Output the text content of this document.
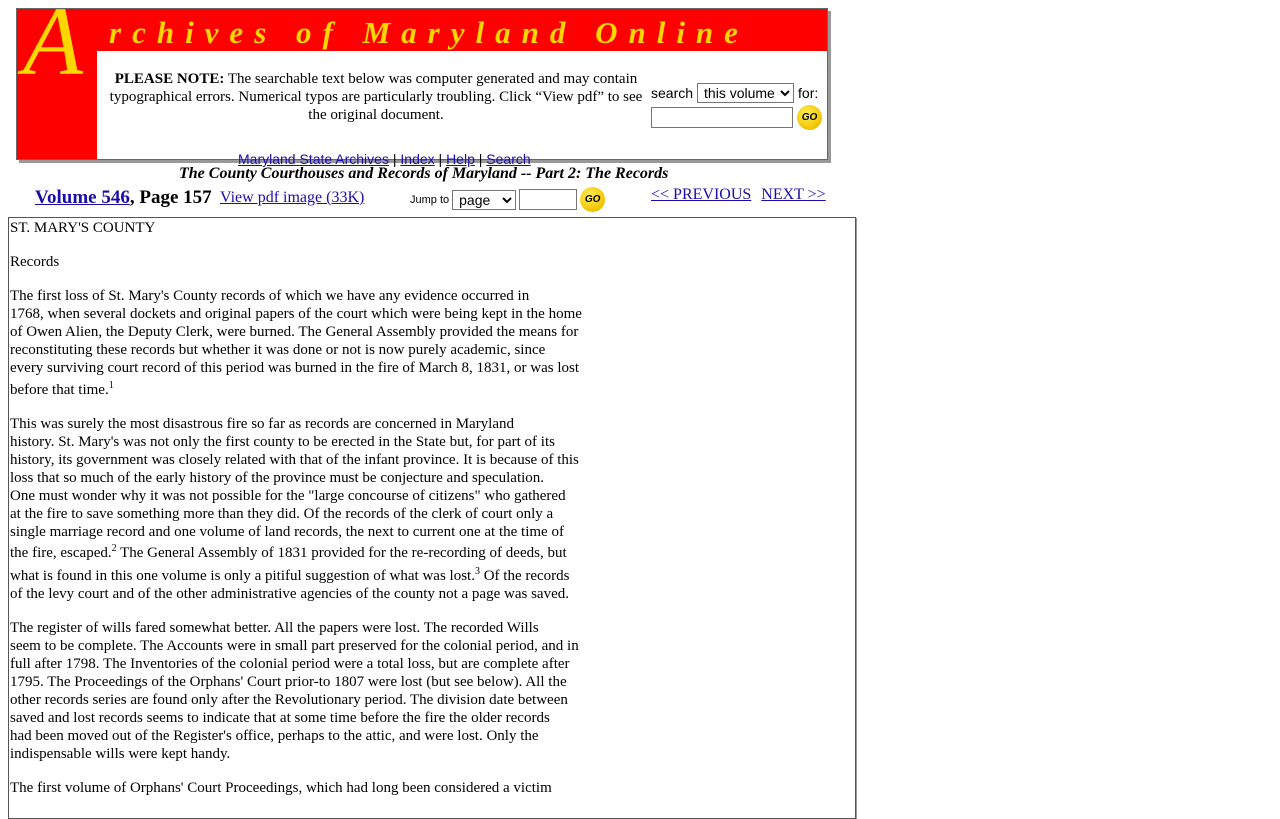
A rchives of Maryland Online
PLEASE NOTE: The searchable text below was computer generated and may contain typographical errors. Numerical typos are particularly troubling. Click “View pdf” to see the original document.
search
this volume	for:
GO
Maryland State Archives | Index | Help | Search
The County Courthouses and Records of Maryland -- Part 2: The Records
Volume 546, Page 157 View pdf image (33K)	Jump to
page	GO	<< PREVIOUS NEXT >>

ST. MARY'S COUNTY

Records

The first loss of St. Mary's County records of which we have any evidence occurred in
1768, when several dockets and original papers of the court which were being kept in the home
of Owen Alien, the Deputy Clerk, were burned. The General Assembly provided the means for
reconstituting these records but whether it was done or not is now purely academic, since
every surviving court record of this period was burned in the fire of March 8, 1831, or was lost
before that time.$^1$

This was surely the most disastrous fire so far as records are concerned in Maryland
history. St. Mary's was not only the first county to be erected in the State but, for part of its
history, its government was closely related with that of the infant province. It is because of this
loss that so much of the early history of the province must be conjecture and speculation.
One must wonder why it was not possible for the "large concourse of citizens" who gathered
at the fire to save something more than they did. Of the records of the clerk of court only a
single marriage record and one volume of land records, the next to current one at the time of
the fire, escaped.$^2$ The General Assembly of 1831 provided for the re-recording of deeds, but
what is found in this one volume is only a pitiful suggestion of what was lost.$^3$ Of the records
of the levy court and of the other administrative agencies of the county not a page was saved.

The register of wills fared somewhat better. All the papers were lost. The recorded Wills
seem to be complete. The Accounts were in small part preserved for the colonial period, and in
full after 1798. The Inventories of the colonial period were a total loss, but are complete after
1795. The Proceedings of the Orphans' Court prior-to 1807 were lost (but see below). All the
other records series are found only after the Revolutionary period. The division date between
saved and lost records seems to indicate that at some time before the fire the older records
had been moved out of the Register's office, perhaps to the attic, and were lost. Only the
indispensable wills were kept handy.

The first volume of Orphans' Court Proceedings, which had long been considered a victim
